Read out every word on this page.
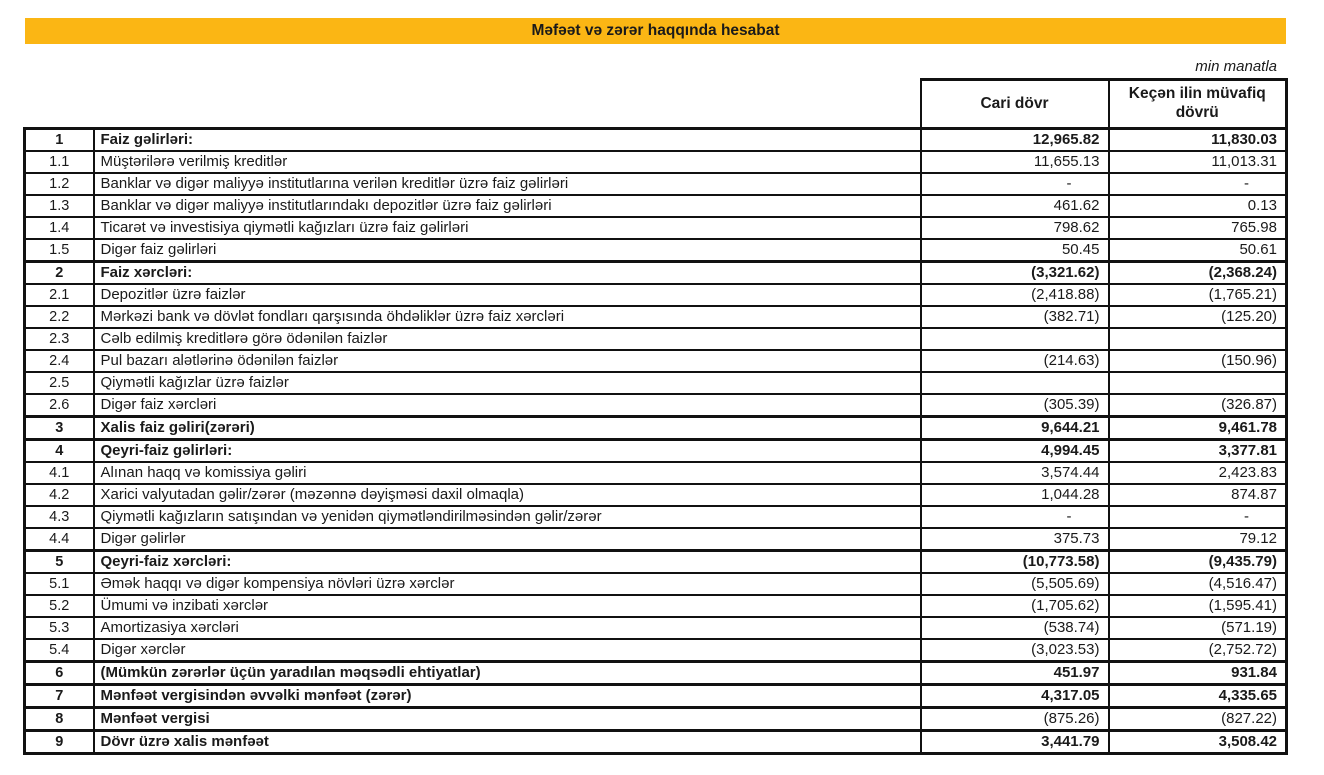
Məfəət və zərər haqqında hesabat
min manatla
		Cari dövr	Keçən ilin müvafiq dövrü
1	Faiz gəlirləri:	12,965.82	11,830.03
1.1	Müştərilərə verilmiş kreditlər	11,655.13	11,013.31
1.2	Banklar və digər maliyyə institutlarına verilən kreditlər üzrə faiz gəlirləri	-	-
1.3	Banklar və digər maliyyə institutlarındakı depozitlər üzrə faiz gəlirləri	461.62	0.13
1.4	Ticarət və investisiya qiymətli kağızları üzrə faiz gəlirləri	798.62	765.98
1.5	Digər faiz gəlirləri	50.45	50.61
2	Faiz xərcləri:	(3,321.62)	(2,368.24)
2.1	Depozitlər üzrə faizlər	(2,418.88)	(1,765.21)
2.2	Mərkəzi bank və dövlət fondları qarşısında öhdəliklər üzrə faiz xərcləri	(382.71)	(125.20)
2.3	Cəlb edilmiş kreditlərə görə ödənilən faizlər		
2.4	Pul bazarı alətlərinə ödənilən faizlər	(214.63)	(150.96)
2.5	Qiymətli kağızlar üzrə faizlər		
2.6	Digər faiz xərcləri	(305.39)	(326.87)
3	Xalis faiz gəliri(zərəri)	9,644.21	9,461.78
4	Qeyri-faiz gəlirləri:	4,994.45	3,377.81
4.1	Alınan haqq və komissiya gəliri	3,574.44	2,423.83
4.2	Xarici valyutadan gəlir/zərər (məzənnə dəyişməsi daxil olmaqla)	1,044.28	874.87
4.3	Qiymətli kağızların satışından və yenidən qiymətləndirilməsindən gəlir/zərər	-	-
4.4	Digər gəlirlər	375.73	79.12
5	Qeyri-faiz xərcləri:	(10,773.58)	(9,435.79)
5.1	Əmək haqqı və digər kompensiya növləri üzrə xərclər	(5,505.69)	(4,516.47)
5.2	Ümumi və inzibati xərclər	(1,705.62)	(1,595.41)
5.3	Amortizasiya xərcləri	(538.74)	(571.19)
5.4	Digər xərclər	(3,023.53)	(2,752.72)
6	(Mümkün zərərlər üçün yaradılan məqsədli ehtiyatlar)	451.97	931.84
7	Mənfəət vergisindən əvvəlki mənfəət (zərər)	4,317.05	4,335.65
8	Mənfəət vergisi	(875.26)	(827.22)
9	Dövr üzrə xalis mənfəət	3,441.79	3,508.42
